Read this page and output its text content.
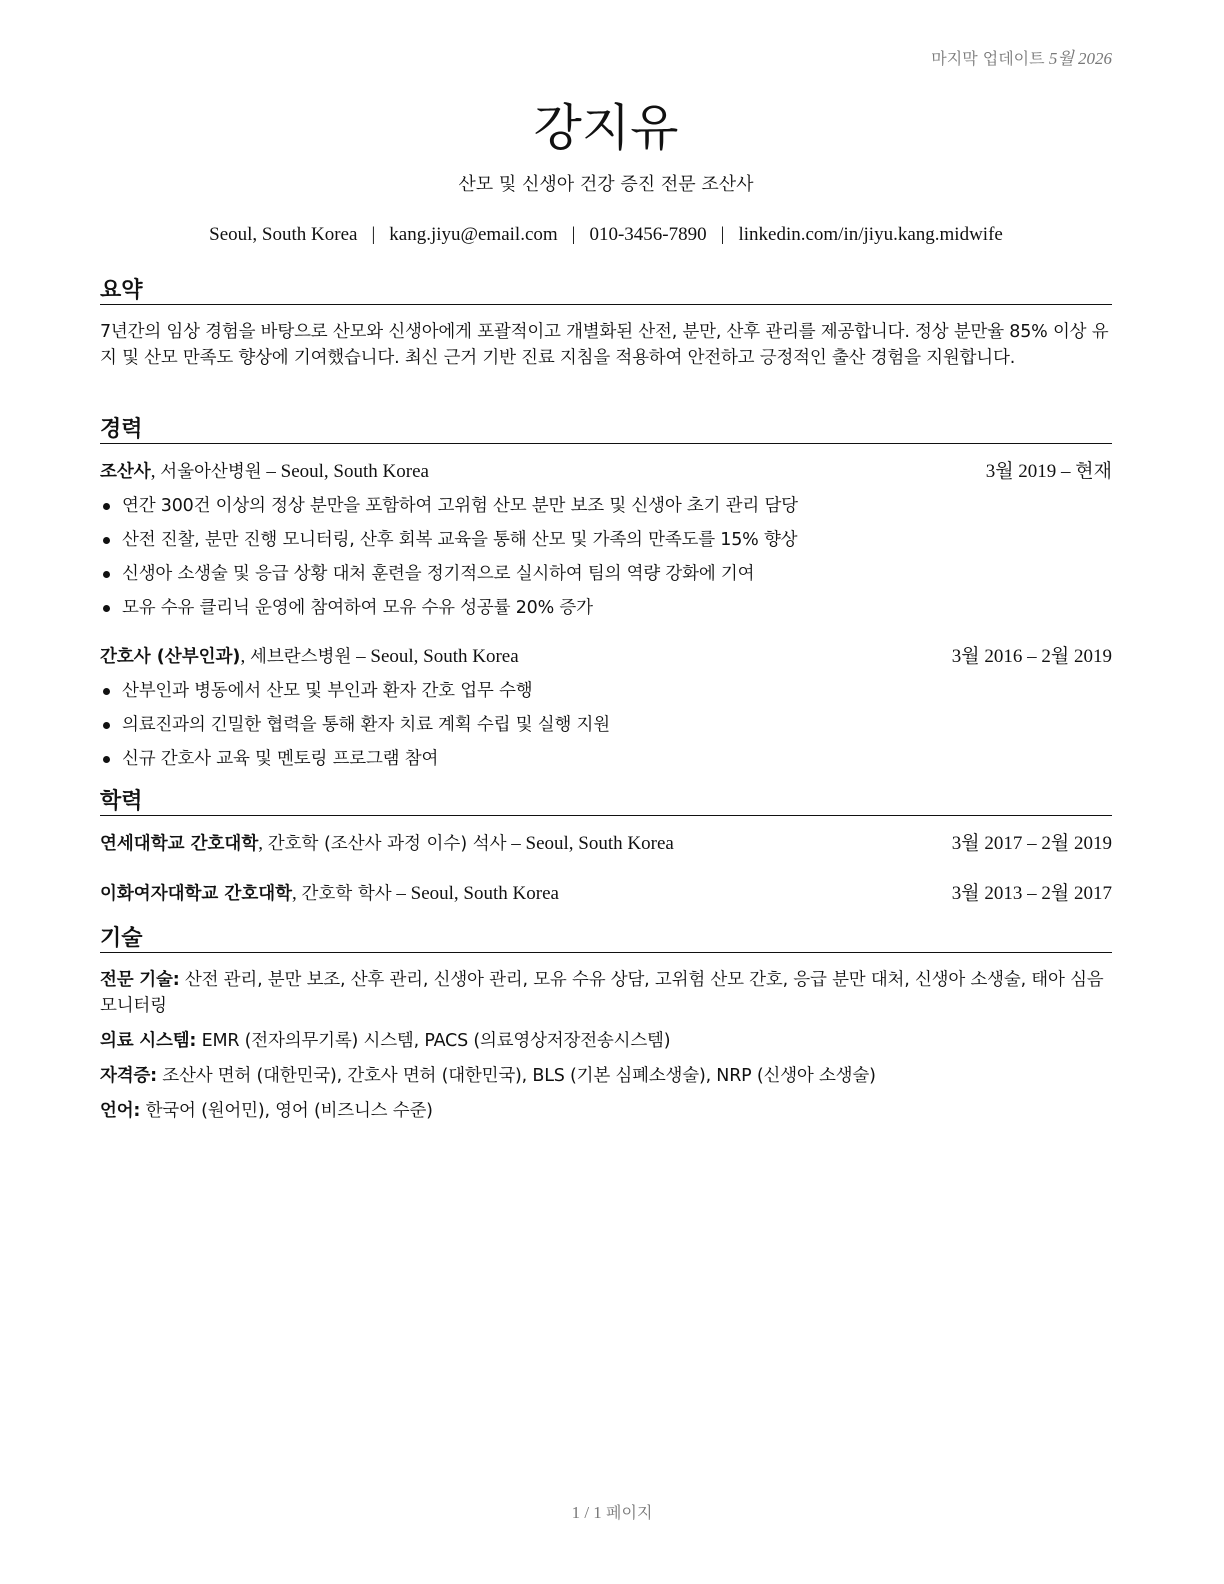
마지막 업데이트 5월 2026
강지유
산모 및 신생아 건강 증진 전문 조산사
Seoul, South Korea | kang.jiyu@email.com | 010-3456-7890 | linkedin.com/in/jiyu.kang.midwife
요약

7년간의 임상 경험을 바탕으로 산모와 신생아에게 포괄적이고 개별화된 산전, 분만, 산후 관리를 제공합니다. 정상 분만율 85% 이상 유지 및 산모 만족도 향상에 기여했습니다. 최신 근거 기반 진료 지침을 적용하여 안전하고 긍정적인 출산 경험을 지원합니다.

경력
조산사, 서울아산병원 – Seoul, South Korea	3월 2019 – 현재
연간 300건 이상의 정상 분만을 포함하여 고위험 산모 분만 보조 및 신생아 초기 관리 담당
산전 진찰, 분만 진행 모니터링, 산후 회복 교육을 통해 산모 및 가족의 만족도를 15% 향상
신생아 소생술 및 응급 상황 대처 훈련을 정기적으로 실시하여 팀의 역량 강화에 기여
모유 수유 클리닉 운영에 참여하여 모유 수유 성공률 20% 증가
간호사 (산부인과), 세브란스병원 – Seoul, South Korea	3월 2016 – 2월 2019
산부인과 병동에서 산모 및 부인과 환자 간호 업무 수행
의료진과의 긴밀한 협력을 통해 환자 치료 계획 수립 및 실행 지원
신규 간호사 교육 및 멘토링 프로그램 참여
학력
연세대학교 간호대학, 간호학 (조산사 과정 이수) 석사 – Seoul, South Korea	3월 2017 – 2월 2019
이화여자대학교 간호대학, 간호학 학사 – Seoul, South Korea	3월 2013 – 2월 2017
기술

전문 기술: 산전 관리, 분만 보조, 산후 관리, 신생아 관리, 모유 수유 상담, 고위험 산모 간호, 응급 분만 대처, 신생아 소생술, 태아 심음 모니터링

의료 시스템: EMR (전자의무기록) 시스템, PACS (의료영상저장전송시스템)

자격증: 조산사 면허 (대한민국), 간호사 면허 (대한민국), BLS (기본 심폐소생술), NRP (신생아 소생술)

언어: 한국어 (원어민), 영어 (비즈니스 수준)

1 / 1 페이지
